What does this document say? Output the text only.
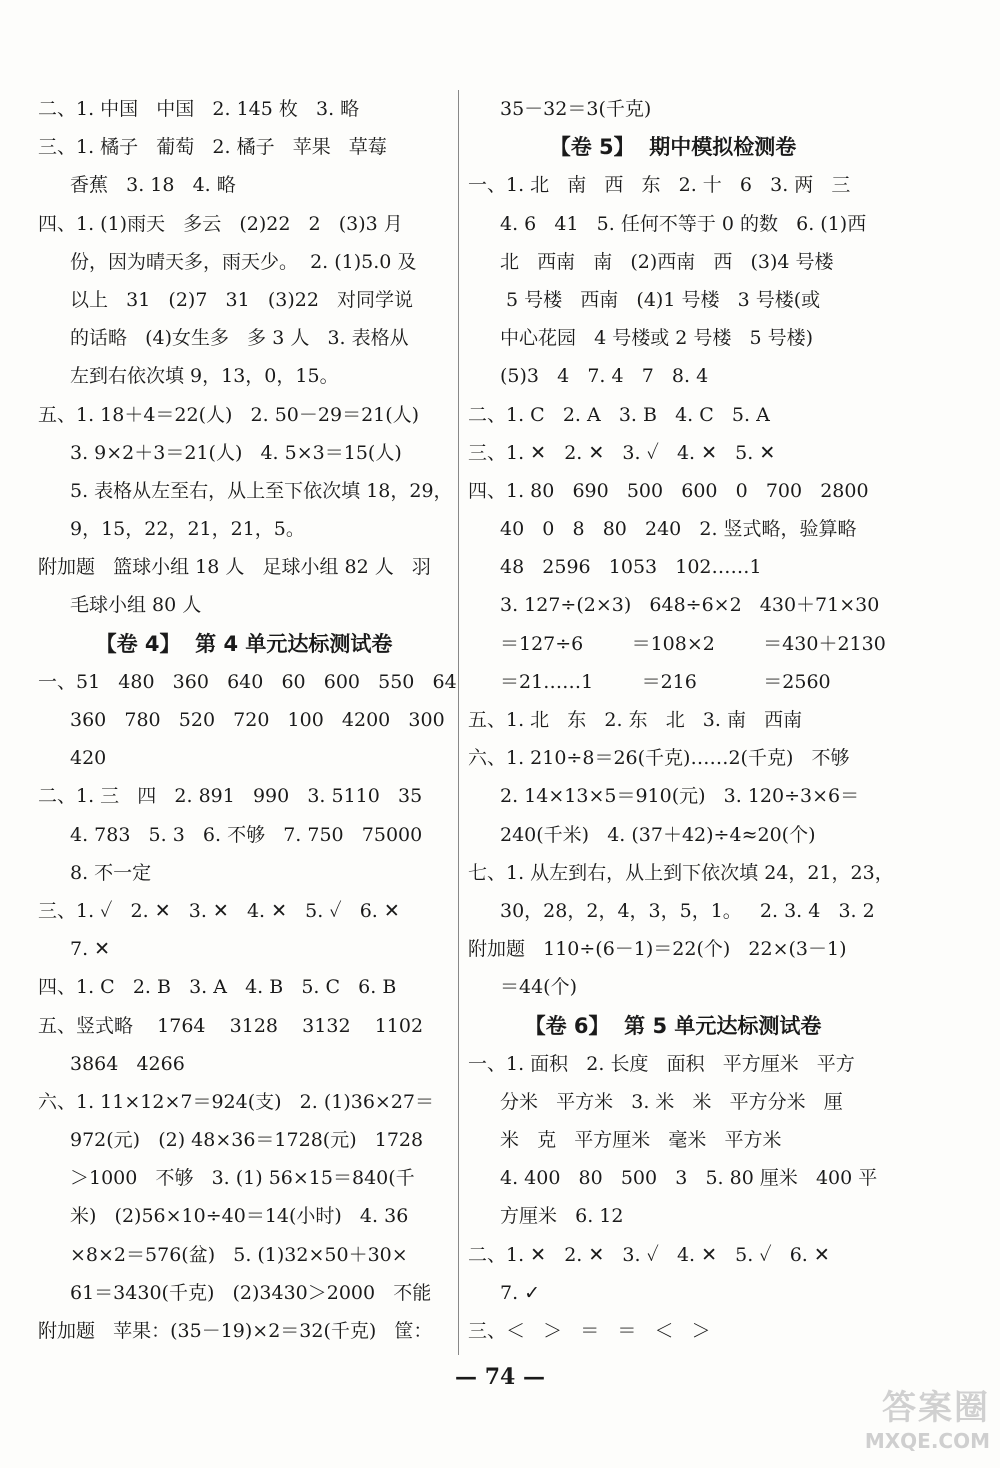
二、1. 中国   中国   2. 145 枚   3. 略
三、1. 橘子   葡萄   2. 橘子   苹果   草莓
香蕉   3. 18   4. 略
四、1. (1)雨天   多云   (2)22   2   (3)3 月
份，因为晴天多，雨天少。  2. (1)5.0 及
以上   31   (2)7   31   (3)22   对同学说
的话略   (4)女生多   多 3 人   3. 表格从
左到右依次填 9，13，0，15。
五、1. 18＋4＝22(人)   2. 50－29＝21(人)
3. 9×2＋3＝21(人)   4. 5×3＝15(人)
5. 表格从左至右，从上至下依次填 18，29，
9，15，22，21，21，5。
附加题   篮球小组 18 人   足球小组 82 人   羽
毛球小组 80 人
【卷 4】  第 4 单元达标测试卷
一、51   480   360   640   60   600   550   64
360   780   520   720   100   4200   300
420
二、1. 三   四   2. 891   990   3. 5110   35
4. 783   5. 3   6. 不够   7. 750   75000
8. 不一定
三、1. ✓   2. ✕   3. ✕   4. ✕   5. ✓   6. ✕
7. ✕
四、1. C   2. B   3. A   4. B   5. C   6. B
五、竖式略    1764    3128    3132    1102
3864   4266
六、1. 11×12×7＝924(支)   2. (1)36×27＝
972(元)   (2) 48×36＝1728(元)   1728
＞1000   不够   3. (1) 56×15＝840(千
米)   (2)56×10÷40＝14(小时)   4. 36
×8×2＝576(盆)   5. (1)32×50＋30×
61＝3430(千克)   (2)3430＞2000   不能
附加题   苹果：(35－19)×2＝32(千克)   筐：
35－32＝3(千克)
【卷 5】  期中模拟检测卷
一、1. 北   南   西   东   2. 十   6   3. 两   三
4. 6   41   5. 任何不等于 0 的数   6. (1)西
北   西南   南   (2)西南   西   (3)4 号楼
5 号楼   西南   (4)1 号楼   3 号楼(或
中心花园   4 号楼或 2 号楼   5 号楼)
(5)3   4   7. 4   7   8. 4
二、1. C   2. A   3. B   4. C   5. A
三、1. ✕   2. ✕   3. ✓   4. ✕   5. ✕
四、1. 80   690   500   600   0   700   2800
40   0   8   80   240   2. 竖式略，验算略
48   2596   1053   102……1
3. 127÷(2×3)   648÷6×2   430＋71×30
＝127÷6        ＝108×2        ＝430＋2130
＝21……1        ＝216           ＝2560
五、1. 北   东   2. 东   北   3. 南   西南
六、1. 210÷8＝26(千克)……2(千克)   不够
2. 14×13×5＝910(元)   3. 120÷3×6＝
240(千米)   4. (37＋42)÷4≈20(个)
七、1. 从左到右，从上到下依次填 24，21，23，
30，28，2，4，3，5，1。   2. 3. 4   3. 2
附加题   110÷(6－1)＝22(个)   22×(3－1)
＝44(个)
【卷 6】  第 5 单元达标测试卷
一、1. 面积   2. 长度   面积   平方厘米   平方
分米   平方米   3. 米   米   平方分米   厘
米   克   平方厘米   毫米   平方米
4. 400   80   500   3   5. 80 厘米   400 平
方厘米   6. 12
二、1. ✕   2. ✕   3. ✓   4. ✕   5. ✓   6. ✕
7. ✓
三、＜   ＞   ＝   ＝   ＜   ＞
— 74 —
答案圈
MXQE.COM
